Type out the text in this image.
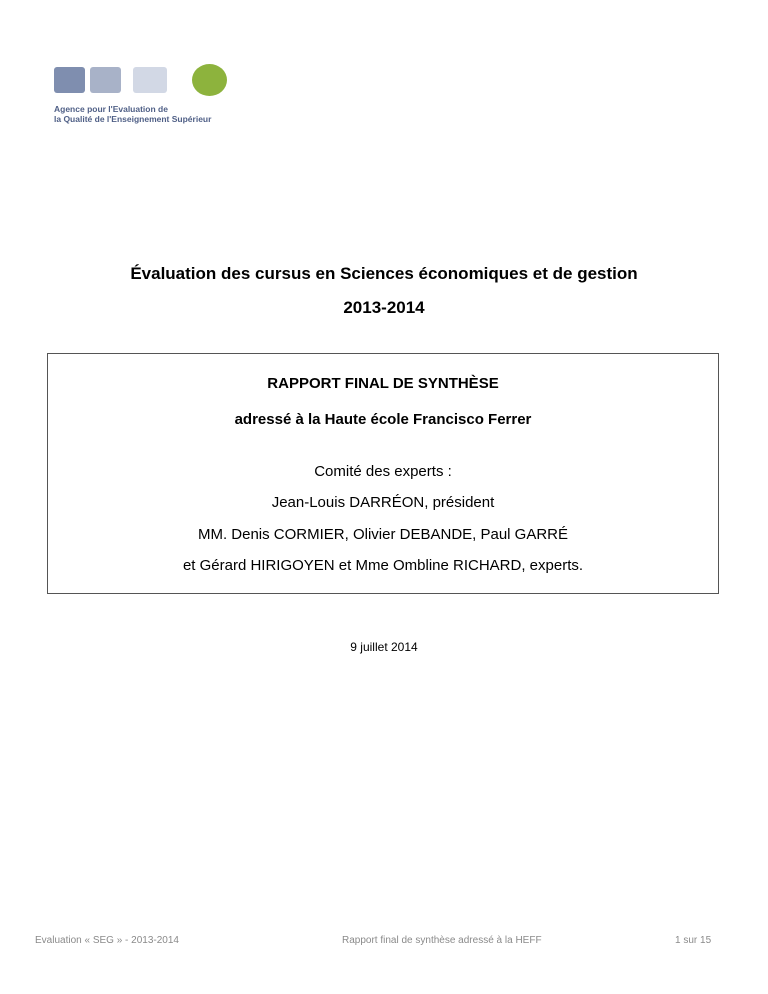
Agence pour l'Evaluation de
la Qualité de l'Enseignement Supérieur
Évaluation des cursus en Sciences économiques et de gestion
2013-2014
RAPPORT FINAL DE SYNTHÈSE
adressé à la Haute école Francisco Ferrer
Comité des experts :
Jean-Louis DARRÉON, président
MM. Denis CORMIER, Olivier DEBANDE, Paul GARRÉ
et Gérard HIRIGOYEN et Mme Ombline RICHARD, experts.
9 juillet 2014
Evaluation « SEG » - 2013-2014	Rapport final de synthèse adressé à la HEFF	1 sur 15
